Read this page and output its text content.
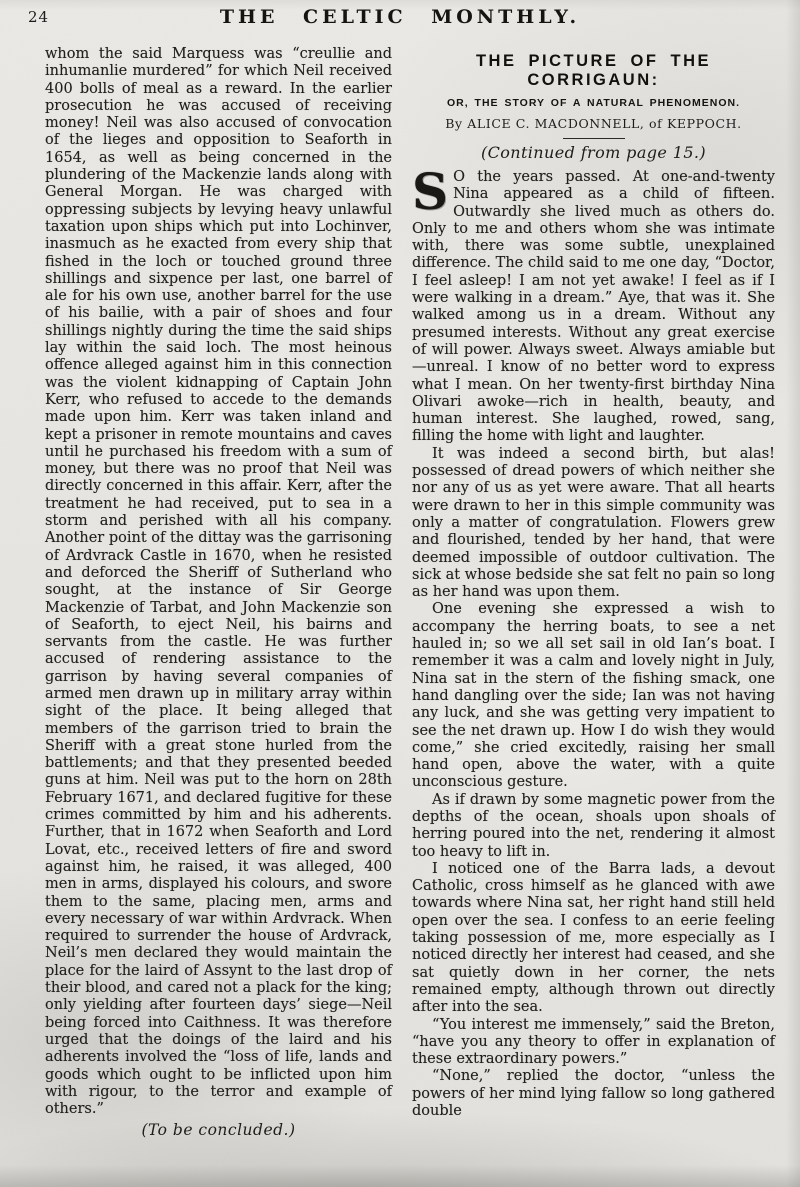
24	THE CELTIC MONTHLY.

whom the said Marquess was “creullie and inhumanlie murdered” for which Neil received 400 bolls of meal as a reward. In the earlier prosecution he was accused of receiving money! Neil was also accused of convocation of the lieges and opposition to Seaforth in 1654, as well as being concerned in the plundering of the Mackenzie lands along with General Morgan. He was charged with oppressing subjects by levying heavy unlawful taxation upon ships which put into Lochinver, inasmuch as he exacted from every ship that fished in the loch or touched ground three shillings and sixpence per last, one barrel of ale for his own use, another barrel for the use of his bailie, with a pair of shoes and four shillings nightly during the time the said ships lay within the said loch. The most heinous offence alleged against him in this connection was the violent kidnapping of Captain John Kerr, who refused to accede to the demands made upon him. Kerr was taken inland and kept a prisoner in remote mountains and caves until he purchased his freedom with a sum of money, but there was no proof that Neil was directly concerned in this affair. Kerr, after the treatment he had received, put to sea in a storm and perished with all his company. Another point of the dittay was the garrisoning of Ardvrack Castle in 1670, when he resisted and deforced the Sheriff of Sutherland who sought, at the instance of Sir George Mackenzie of Tarbat, and John Mackenzie son of Seaforth, to eject Neil, his bairns and servants from the castle. He was further accused of rendering assistance to the garrison by having several companies of armed men drawn up in military array within sight of the place. It being alleged that members of the garrison tried to brain the Sheriff with a great stone hurled from the battlements; and that they presented beeded guns at him. Neil was put to the horn on 28th February 1671, and declared fugitive for these crimes committed by him and his adherents. Further, that in 1672 when Seaforth and Lord Lovat, etc., received letters of fire and sword against him, he raised, it was alleged, 400 men in arms, displayed his colours, and swore them to the same, placing men, arms and every necessary of war within Ardvrack. When required to surrender the house of Ardvrack, Neil’s men declared they would maintain the place for the laird of Assynt to the last drop of their blood, and cared not a plack for the king; only yielding after fourteen days’ siege—Neil being forced into Caithness. It was therefore urged that the doings of the laird and his adherents involved the “loss of life, lands and goods which ought to be inflicted upon him with rigour, to the terror and example of others.”

(To be concluded.)

THE PICTURE OF THE CORRIGAUN:
OR, THE STORY OF A NATURAL PHENOMENON.
By ALICE C. MACDONNELL, of KEPPOCH.
(Continued from page 15.)

S O the years passed. At one-and-twenty Nina appeared as a child of fifteen. Outwardly she lived much as others do. Only to me and others whom she was intimate with, there was some subtle, unexplained difference. The child said to me one day, “Doctor, I feel asleep! I am not yet awake! I feel as if I were walking in a dream.” Aye, that was it. She walked among us in a dream. Without any presumed interests. Without any great exercise of will power. Always sweet. Always amiable but—unreal. I know of no better word to express what I mean. On her twenty-first birthday Nina Olivari awoke—rich in health, beauty, and human interest. She laughed, rowed, sang, filling the home with light and laughter.

It was indeed a second birth, but alas! possessed of dread powers of which neither she nor any of us as yet were aware. That all hearts were drawn to her in this simple community was only a matter of congratulation. Flowers grew and flourished, tended by her hand, that were deemed impossible of outdoor cultivation. The sick at whose bedside she sat felt no pain so long as her hand was upon them.

One evening she expressed a wish to accompany the herring boats, to see a net hauled in; so we all set sail in old Ian’s boat. I remember it was a calm and lovely night in July, Nina sat in the stern of the fishing smack, one hand dangling over the side; Ian was not having any luck, and she was getting very impatient to see the net drawn up. How I do wish they would come,” she cried excitedly, raising her small hand open, above the water, with a quite unconscious gesture.

As if drawn by some magnetic power from the depths of the ocean, shoals upon shoals of herring poured into the net, rendering it almost too heavy to lift in.

I noticed one of the Barra lads, a devout Catholic, cross himself as he glanced with awe towards where Nina sat, her right hand still held open over the sea. I confess to an eerie feeling taking possession of me, more especially as I noticed directly her interest had ceased, and she sat quietly down in her corner, the nets remained empty, although thrown out directly after into the sea.

“You interest me immensely,” said the Breton, “have you any theory to offer in explanation of these extraordinary powers.”

“None,” replied the doctor, “unless the powers of her mind lying fallow so long gathered double
